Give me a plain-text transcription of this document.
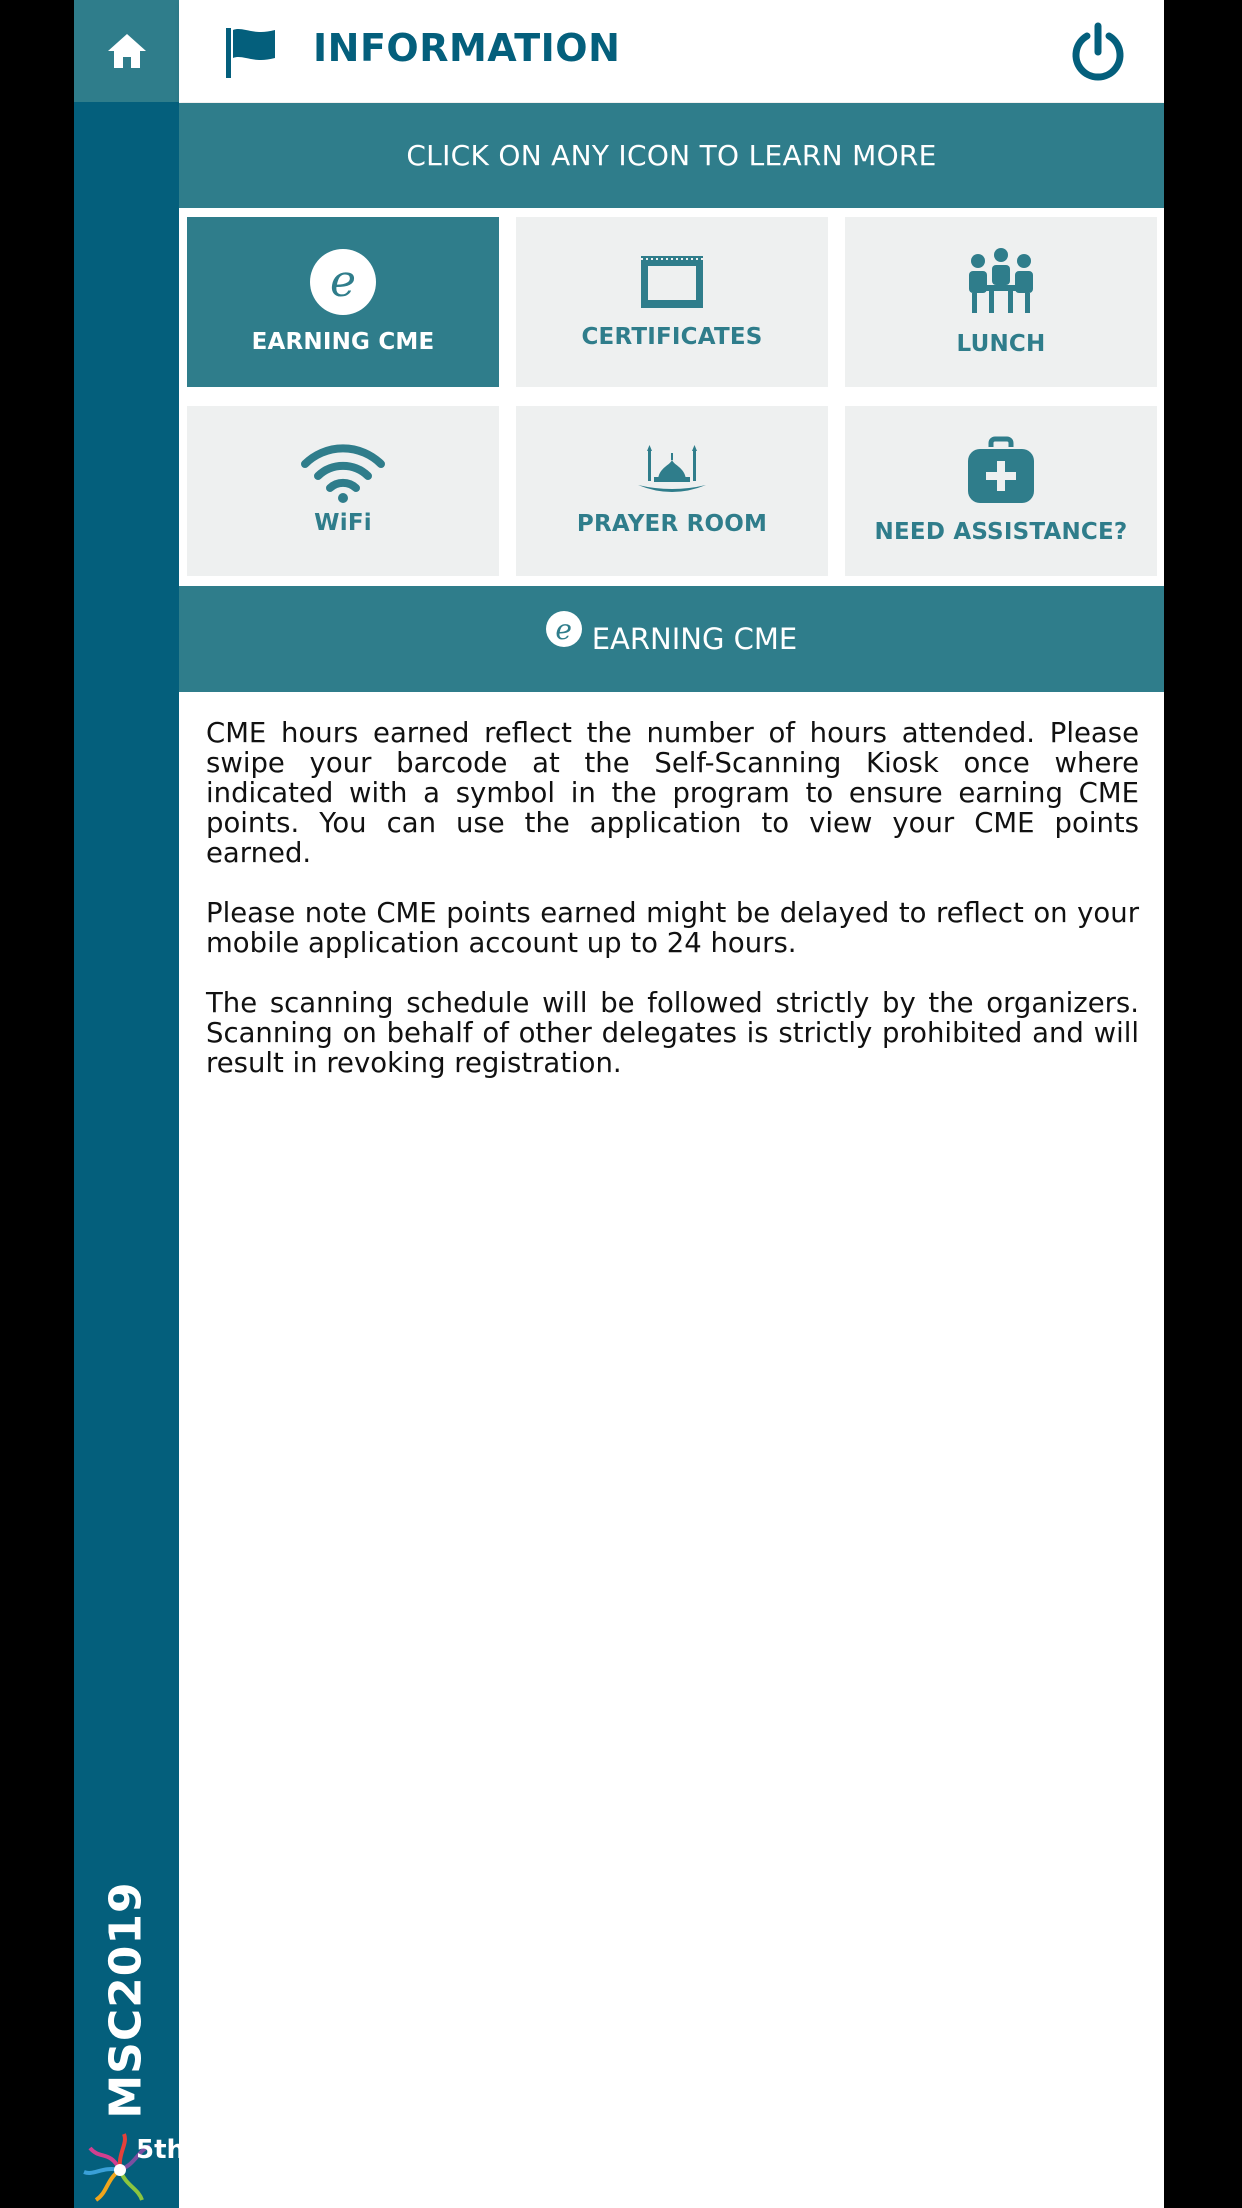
MSC2019
5th
INFORMATION
CLICK ON ANY ICON TO LEARN MORE
e
EARNING CME	CERTIFICATES	LUNCH
WiFi	PRAYER ROOM	NEED ASSISTANCE?
e EARNING CME

CME hours earned reflect the number of hours attended. Please swipe your barcode at the Self-Scanning Kiosk once where indicated with a symbol in the program to ensure earning CME points. You can use the application to view your CME points earned.

Please note CME points earned might be delayed to reflect on your mobile application account up to 24 hours.

The scanning schedule will be followed strictly by the organizers. Scanning on behalf of other delegates is strictly prohibited and will result in revoking registration.
